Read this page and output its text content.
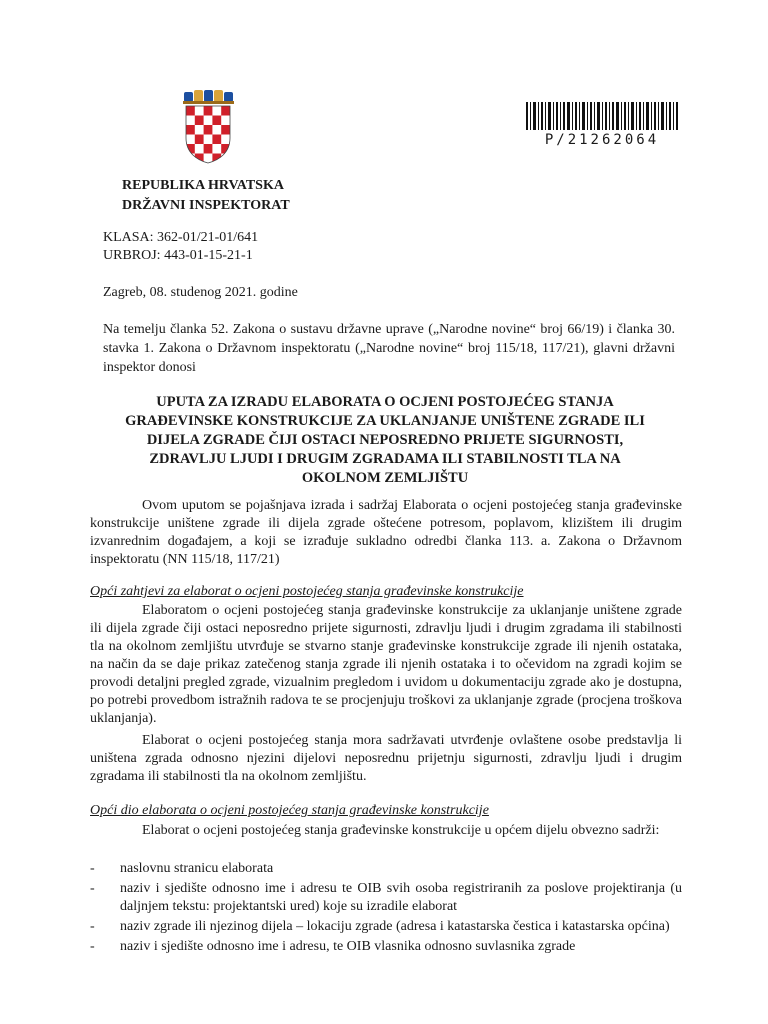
P/21262064
REPUBLIKA HRVATSKA
DRŽAVNI INSPEKTORAT
KLASA: 362-01/21-01/641
URBROJ: 443-01-15-21-1
Zagreb, 08. studenog 2021. godine
Na temelju članka 52. Zakona o sustavu državne uprave („Narodne novine“ broj 66/19) i članka 30. stavka 1. Zakona o Državnom inspektoratu („Narodne novine“ broj 115/18, 117/21), glavni državni inspektor donosi
UPUTA ZA IZRADU ELABORATA O OCJENI POSTOJEĆEG STANJA
GRAĐEVINSKE KONSTRUKCIJE ZA UKLANJANJE UNIŠTENE ZGRADE ILI
DIJELA ZGRADE ČIJI OSTACI NEPOSREDNO PRIJETE SIGURNOSTI,
ZDRAVLJU LJUDI I DRUGIM ZGRADAMA ILI STABILNOSTI TLA NA
OKOLNOM ZEMLJIŠTU

Ovom uputom se pojašnjava izrada i sadržaj Elaborata o ocjeni postojećeg stanja građevinske konstrukcije uništene zgrade ili dijela zgrade oštećene potresom, poplavom, klizištem ili drugim izvanrednim događajem, a koji se izrađuje sukladno odredbi članka 113. a. Zakona o Državnom inspektoratu (NN 115/18, 117/21)

Opći zahtjevi za elaborat o ocjeni postojećeg stanja građevinske konstrukcije

Elaboratom o ocjeni postojećeg stanja građevinske konstrukcije za uklanjanje uništene zgrade ili dijela zgrade čiji ostaci neposredno prijete sigurnosti, zdravlju ljudi i drugim zgradama ili stabilnosti tla na okolnom zemljištu utvrđuje se stvarno stanje građevinske konstrukcije zgrade ili njenih ostataka, na način da se daje prikaz zatečenog stanja zgrade ili njenih ostataka i to očevidom na zgradi kojim se provodi detaljni pregled zgrade, vizualnim pregledom i uvidom u dokumentaciju zgrade ako je dostupna, po potrebi provedbom istražnih radova te se procjenjuju troškovi za uklanjanje zgrade (procjena troškova uklanjanja).

Elaborat o ocjeni postojećeg stanja mora sadržavati utvrđenje ovlaštene osobe predstavlja li uništena zgrada odnosno njezini dijelovi neposrednu prijetnju sigurnosti, zdravlju ljudi i drugim zgradama ili stabilnosti tla na okolnom zemljištu.

Opći dio elaborata o ocjeni postojećeg stanja građevinske konstrukcije

Elaborat o ocjeni postojećeg stanja građevinske konstrukcije u općem dijelu obvezno sadrži:

- naslovnu stranicu elaborata
- naziv i sjedište odnosno ime i adresu te OIB svih osoba registriranih za poslove projektiranja (u daljnjem tekstu: projektantski ured) koje su izradile elaborat
- naziv zgrade ili njezinog dijela – lokaciju zgrade (adresa i katastarska čestica i katastarska općina)
- naziv i sjedište odnosno ime i adresu, te OIB vlasnika odnosno suvlasnika zgrade
